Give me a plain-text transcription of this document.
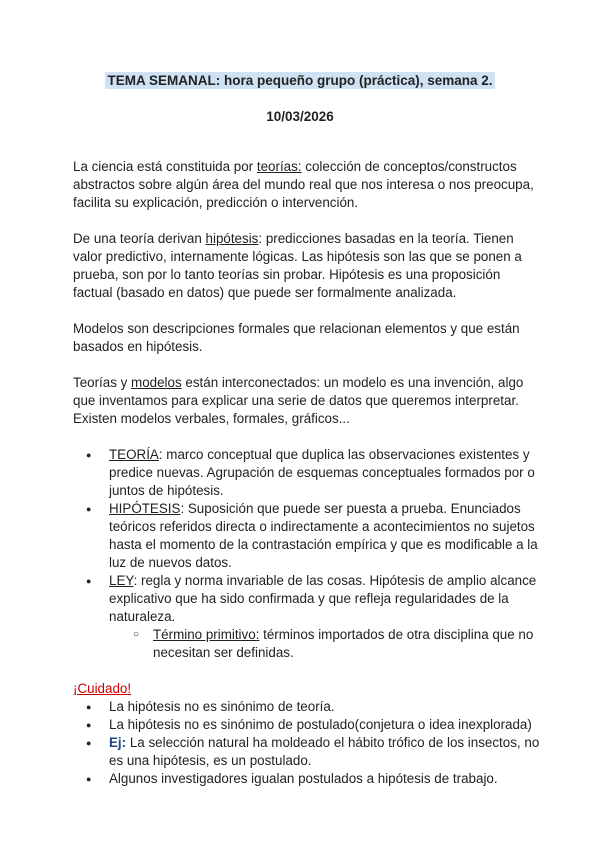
TEMA SEMANAL: hora pequeño grupo (práctica), semana 2.
10/03/2026

La ciencia está constituida por teorías: colección de conceptos/constructos abstractos sobre algún área del mundo real que nos interesa o nos preocupa, facilita su explicación, predicción o intervención.

De una teoría derivan hipótesis: predicciones basadas en la teoría. Tienen valor predictivo, internamente lógicas. Las hipótesis son las que se ponen a prueba, son por lo tanto teorías sin probar. Hipótesis es una proposición factual (basado en datos) que puede ser formalmente analizada.

Modelos son descripciones formales que relacionan elementos y que están basados en hipótesis.

Teorías y modelos están interconectados: un modelo es una invención, algo que inventamos para explicar una serie de datos que queremos interpretar. Existen modelos verbales, formales, gráficos...

● TEORÍA: marco conceptual que duplica las observaciones existentes y predice nuevas. Agrupación de esquemas conceptuales formados por o juntos de hipótesis.
● HIPÓTESIS: Suposición que puede ser puesta a prueba. Enunciados teóricos referidos directa o indirectamente a acontecimientos no sujetos hasta el momento de la contrastación empírica y que es modificable a la luz de nuevos datos.
● LEY: regla y norma invariable de las cosas. Hipótesis de amplio alcance explicativo que ha sido confirmada y que refleja regularidades de la naturaleza.
○ Término primitivo: términos importados de otra disciplina que no necesitan ser definidas.
¡Cuidado!
● La hipótesis no es sinónimo de teoría.
● La hipótesis no es sinónimo de postulado(conjetura o idea inexplorada)
● Ej: La selección natural ha moldeado el hábito trófico de los insectos, no es una hipótesis, es un postulado.
● Algunos investigadores igualan postulados a hipótesis de trabajo.
